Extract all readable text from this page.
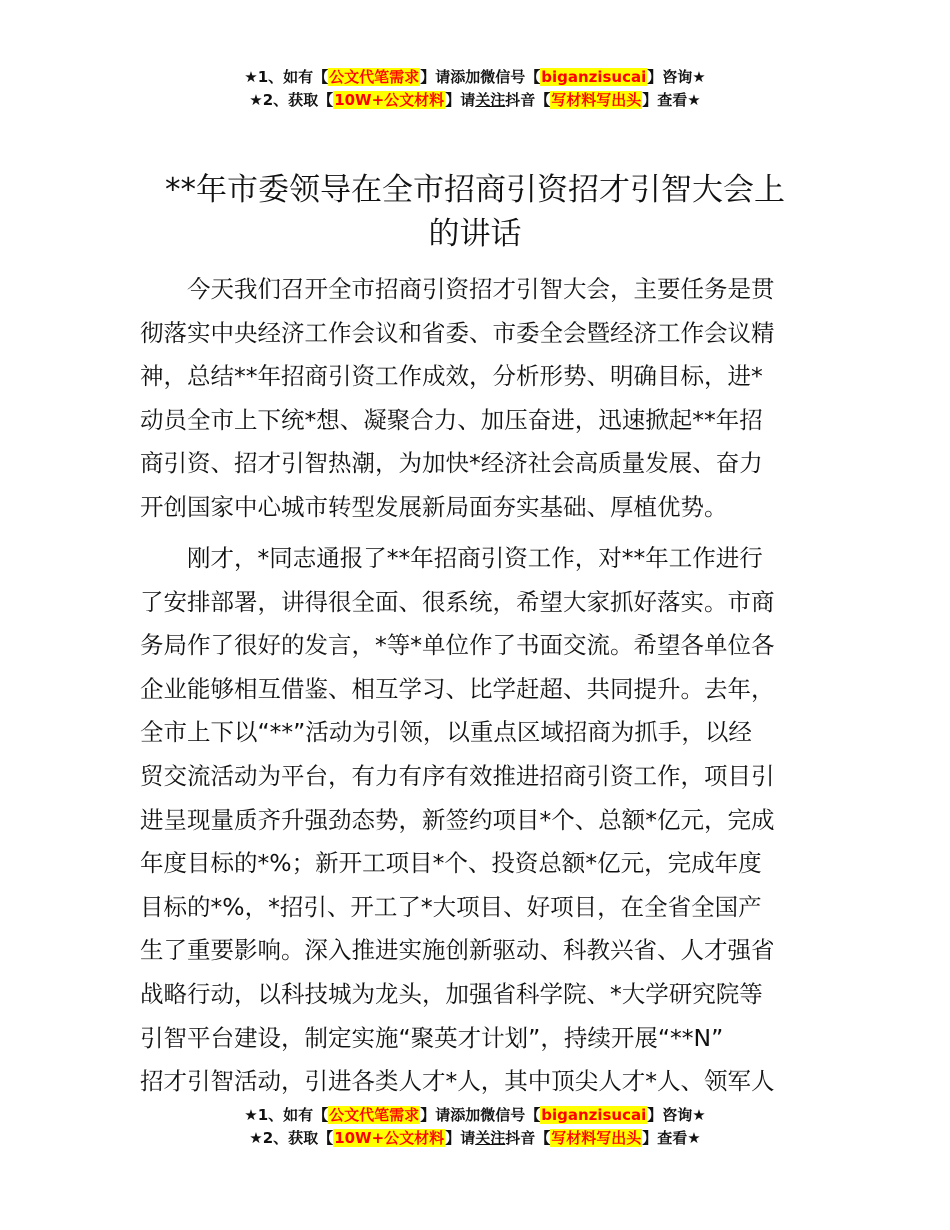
★1、如有【公文代笔需求】请添加微信号【biganzisucai】咨询★
★2、获取【10W+公文材料】请关注抖音【写材料写出头】查看★
**年市委领导在全市招商引资招才引智大会上
的讲话
　　今天我们召开全市招商引资招才引智大会，主要任务是贯
彻落实中央经济工作会议和省委、市委全会暨经济工作会议精
神，总结**年招商引资工作成效，分析形势、明确目标，进*
动员全市上下统*想、凝聚合力、加压奋进，迅速掀起**年招
商引资、招才引智热潮，为加快*经济社会高质量发展、奋力
开创国家中心城市转型发展新局面夯实基础、厚植优势。
　　刚才，*同志通报了**年招商引资工作，对**年工作进行
了安排部署，讲得很全面、很系统，希望大家抓好落实。市商
务局作了很好的发言，*等*单位作了书面交流。希望各单位各
企业能够相互借鉴、相互学习、比学赶超、共同提升。去年，
全市上下以“**”活动为引领，以重点区域招商为抓手，以经
贸交流活动为平台，有力有序有效推进招商引资工作，项目引
进呈现量质齐升强劲态势，新签约项目*个、总额*亿元，完成
年度目标的*%；新开工项目*个、投资总额*亿元，完成年度
目标的*%，*招引、开工了*大项目、好项目，在全省全国产
生了重要影响。深入推进实施创新驱动、科教兴省、人才强省
战略行动，以科技城为龙头，加强省科学院、*大学研究院等
引智平台建设，制定实施“聚英才计划”，持续开展“**N”
招才引智活动，引进各类人才*人，其中顶尖人才*人、领军人
★1、如有【公文代笔需求】请添加微信号【biganzisucai】咨询★
★2、获取【10W+公文材料】请关注抖音【写材料写出头】查看★
